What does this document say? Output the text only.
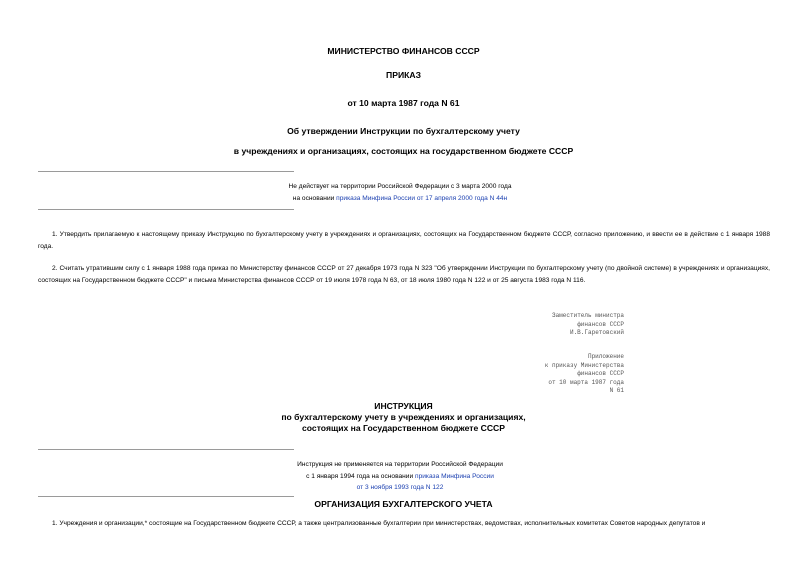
МИНИСТЕРСТВО ФИНАНСОВ СССР
ПРИКАЗ
от 10 марта 1987 года N 61
Об утверждении Инструкции по бухгалтерскому учету
в учреждениях и организациях, состоящих на государственном бюджете СССР
Не действует на территории Российской Федерации с 3 марта 2000 года
на основании приказа Минфина России от 17 апреля 2000 года N 44н
1. Утвердить прилагаемую к настоящему приказу Инструкцию по бухгалтерскому учету в учреждениях и организациях, состоящих на Государственном бюджете СССР, согласно приложению, и ввести ее в действие с 1 января 1988 года.
2. Считать утратившим силу с 1 января 1988 года приказ по Министерству финансов СССР от 27 декабря 1973 года N 323 "Об утверждении Инструкции по бухгалтерскому учету (по двойной системе) в учреждениях и организациях, состоящих на Государственном бюджете СССР" и письма Министерства финансов СССР от 19 июля 1978 года N 63, от 18 июля 1980 года N 122 и от 25 августа 1983 года N 116.
Заместитель министра
финансов СССР
И.В.Гаретовский
Приложение
к приказу Министерства
финансов СССР
от 10 марта 1987 года
N 61
ИНСТРУКЦИЯ
по бухгалтерскому учету в учреждениях и организациях,
состоящих на Государственном бюджете СССР
Инструкция не применяется на территории Российской Федерации
с 1 января 1994 года на основании приказа Минфина России
от 3 ноября 1993 года N 122
ОРГАНИЗАЦИЯ БУХГАЛТЕРСКОГО УЧЕТА
1. Учреждения и организации,* состоящие на Государственном бюджете СССР, а также централизованные бухгалтерии при министерствах, ведомствах, исполнительных комитетах Советов народных депутатов и
